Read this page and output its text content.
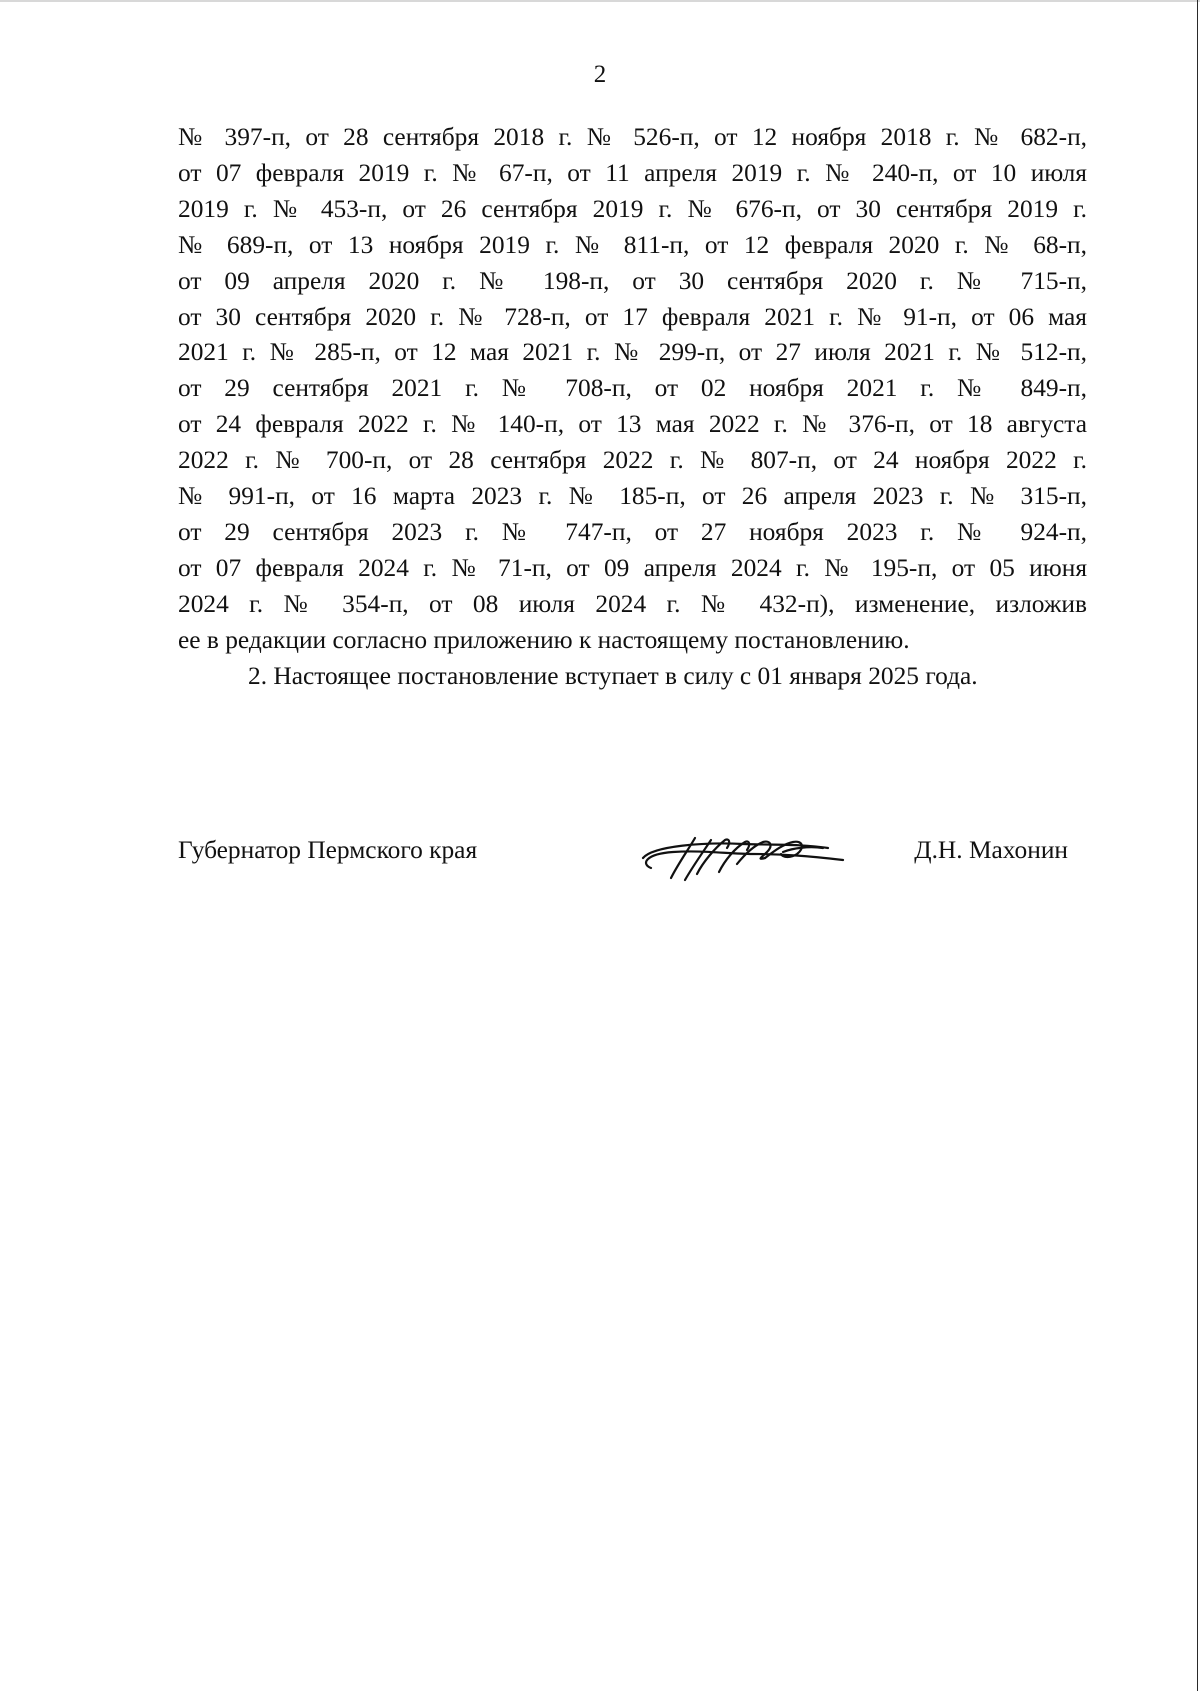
2
№ 397-п, от 28 сентября 2018 г. № 526-п, от 12 ноября 2018 г. № 682-п,
от 07 февраля 2019 г. № 67-п, от 11 апреля 2019 г. № 240-п, от 10 июля
2019 г. № 453-п, от 26 сентября 2019 г. № 676-п, от 30 сентября 2019 г.
№ 689-п, от 13 ноября 2019 г. № 811-п, от 12 февраля 2020 г. № 68-п,
от 09 апреля 2020 г. № 198-п, от 30 сентября 2020 г. № 715-п,
от 30 сентября 2020 г. № 728-п, от 17 февраля 2021 г. № 91-п, от 06 мая
2021 г. № 285-п, от 12 мая 2021 г. № 299-п, от 27 июля 2021 г. № 512-п,
от 29 сентября 2021 г. № 708-п, от 02 ноября 2021 г. № 849-п,
от 24 февраля 2022 г. № 140-п, от 13 мая 2022 г. № 376-п, от 18 августа
2022 г. № 700-п, от 28 сентября 2022 г. № 807-п, от 24 ноября 2022 г.
№ 991-п, от 16 марта 2023 г. № 185-п, от 26 апреля 2023 г. № 315-п,
от 29 сентября 2023 г. № 747-п, от 27 ноября 2023 г. № 924-п,
от 07 февраля 2024 г. № 71-п, от 09 апреля 2024 г. № 195-п, от 05 июня
2024 г. № 354-п, от 08 июля 2024 г. № 432-п), изменение, изложив
ее в редакции согласно приложению к настоящему постановлению.
2. Настоящее постановление вступает в силу с 01 января 2025 года.
Губернатор Пермского края	Д.Н. Махонин
